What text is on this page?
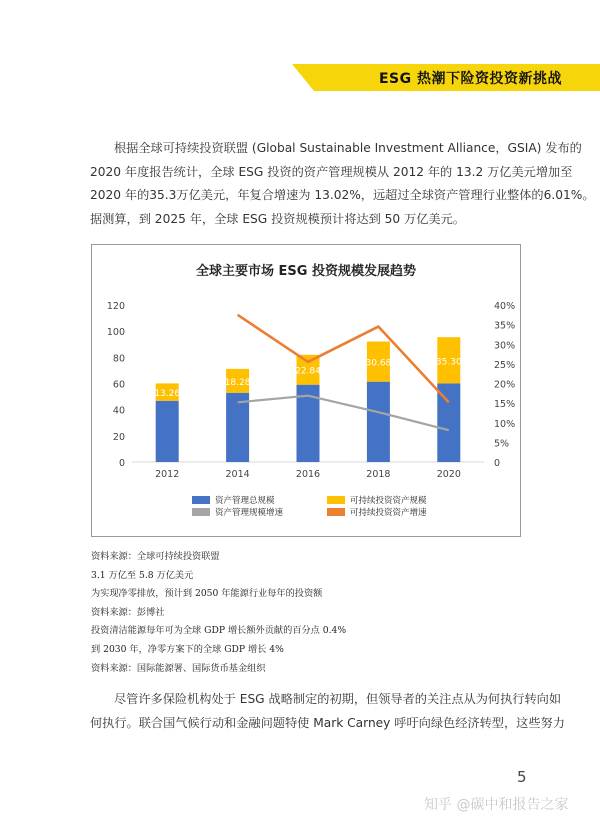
ESG 热潮下险资投资新挑战

根据全球可持续投资联盟 (Global Sustainable Investment Alliance，GSIA) 发布的
2020 年度报告统计，全球 ESG 投资的资产管理规模从 2012 年的 13.2 万亿美元增加至
2020 年的35.3万亿美元，年复合增速为 13.02%，远超过全球资产管理行业整体的6.01%。
据测算，到 2025 年，全球 ESG 投资规模预计将达到 50 万亿美元。

全球主要市场 ESG 投资规模发展趋势
0
20
40
60
80
100
120
0
5%
10%
15%
20%
25%
30%
35%
40%
13.26
2012
18.28
2014
22.84
2016
30.68
2018
35.30
2020
资产管理总规模	可持续投资资产规模
资产管理规模增速	可持续投资资产增速
资料来源：全球可持续投资联盟
3.1 万亿至 5.8 万亿美元
为实现净零排放，预计到 2050 年能源行业每年的投资额
资料来源：彭博社
投资清洁能源每年可为全球 GDP 增长额外贡献的百分点 0.4%
到 2030 年，净零方案下的全球 GDP 增长 4%
资料来源：国际能源署、国际货币基金组织

尽管许多保险机构处于 ESG 战略制定的初期，但领导者的关注点从为何执行转向如
何执行。联合国气候行动和金融问题特使 Mark Carney 呼吁向绿色经济转型，这些努力

5
知乎 @碳中和报告之家
